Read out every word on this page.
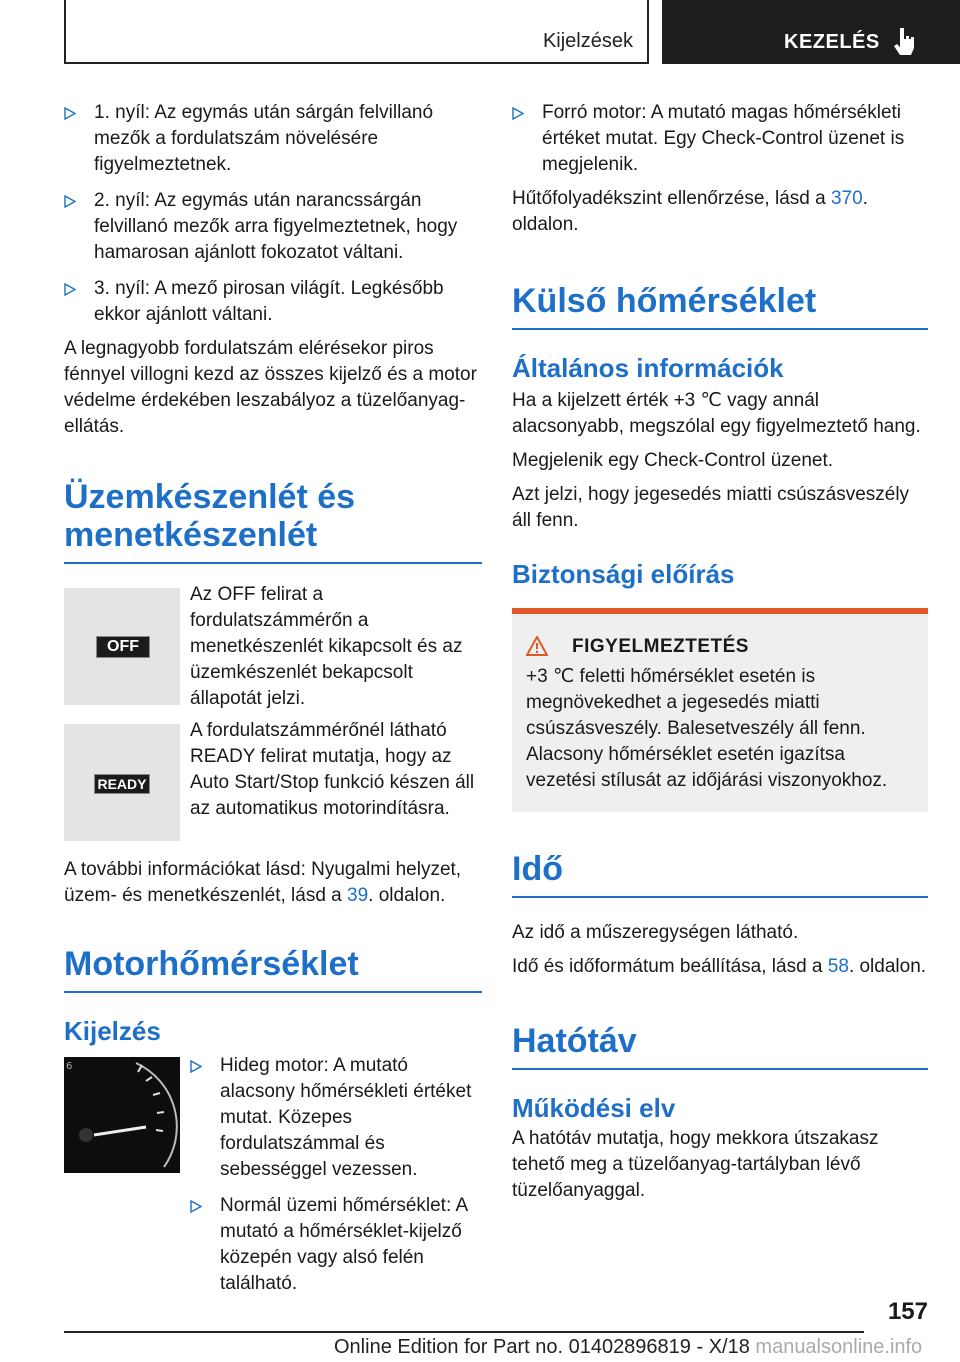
Kijelzések	KEZELÉS

1. nyíl: Az egymás után sárgán felvillanó mezők a fordulatszám növelésére figyelmeztetnek.

2. nyíl: Az egymás után narancssárgán felvillanó mezők arra figyelmeztetnek, hogy hamarosan ajánlott fokozatot váltani.

3. nyíl: A mező pirosan világít. Legkésőbb ekkor ajánlott váltani.

A legnagyobb fordulatszám elérésekor piros fénnyel villogni kezd az összes kijelző és a motor védelme érdekében leszabályoz a tüzelőanyag-ellátás.

Üzemkészenlét és menetkészenlét
OFF

Az OFF felirat a fordulatszámmérőn a menetkészenlét kikapcsolt és az üzemkészenlét bekapcsolt állapotát jelzi.

READY

A fordulatszámmérőnél látható READY felirat mutatja, hogy az Auto Start/Stop funkció készen áll az automatikus motorindításra.

A további információkat lásd: Nyugalmi helyzet, üzem- és menetkészenlét, lásd a 39. oldalon.

Motorhőmérséklet
Kijelzés
6	Hideg motor: A mutató alacsony hőmérsékleti értéket mutat. Közepes fordulatszámmal és sebességgel vezessen.

Normál üzemi hőmérséklet: A mutató a hőmérséklet-kijelző közepén vagy alsó felén található.

Forró motor: A mutató magas hőmérsékleti értéket mutat. Egy Check-Control üzenet is megjelenik.

Hűtőfolyadékszint ellenőrzése, lásd a 370. oldalon.

Külső hőmérséklet
Általános információk

Ha a kijelzett érték +3 ℃ vagy annál alacsonyabb, megszólal egy figyelmeztető hang.

Megjelenik egy Check-Control üzenet.

Azt jelzi, hogy jegesedés miatti csúszásveszély áll fenn.

Biztonsági előírás
FIGYELMEZTETÉS

+3 ℃ feletti hőmérséklet esetén is megnövekedhet a jegesedés miatti csúszásveszély. Balesetveszély áll fenn. Alacsony hőmérséklet esetén igazítsa vezetési stílusát az időjárási viszonyokhoz.

Idő

Az idő a műszeregységen látható.

Idő és időformátum beállítása, lásd a 58. oldalon.

Hatótáv
Működési elv

A hatótáv mutatja, hogy mekkora útszakasz tehető meg a tüzelőanyag-tartályban lévő tüzelőanyaggal.

157
Online Edition for Part no. 01402896819 - X/18 manualsonline.info
